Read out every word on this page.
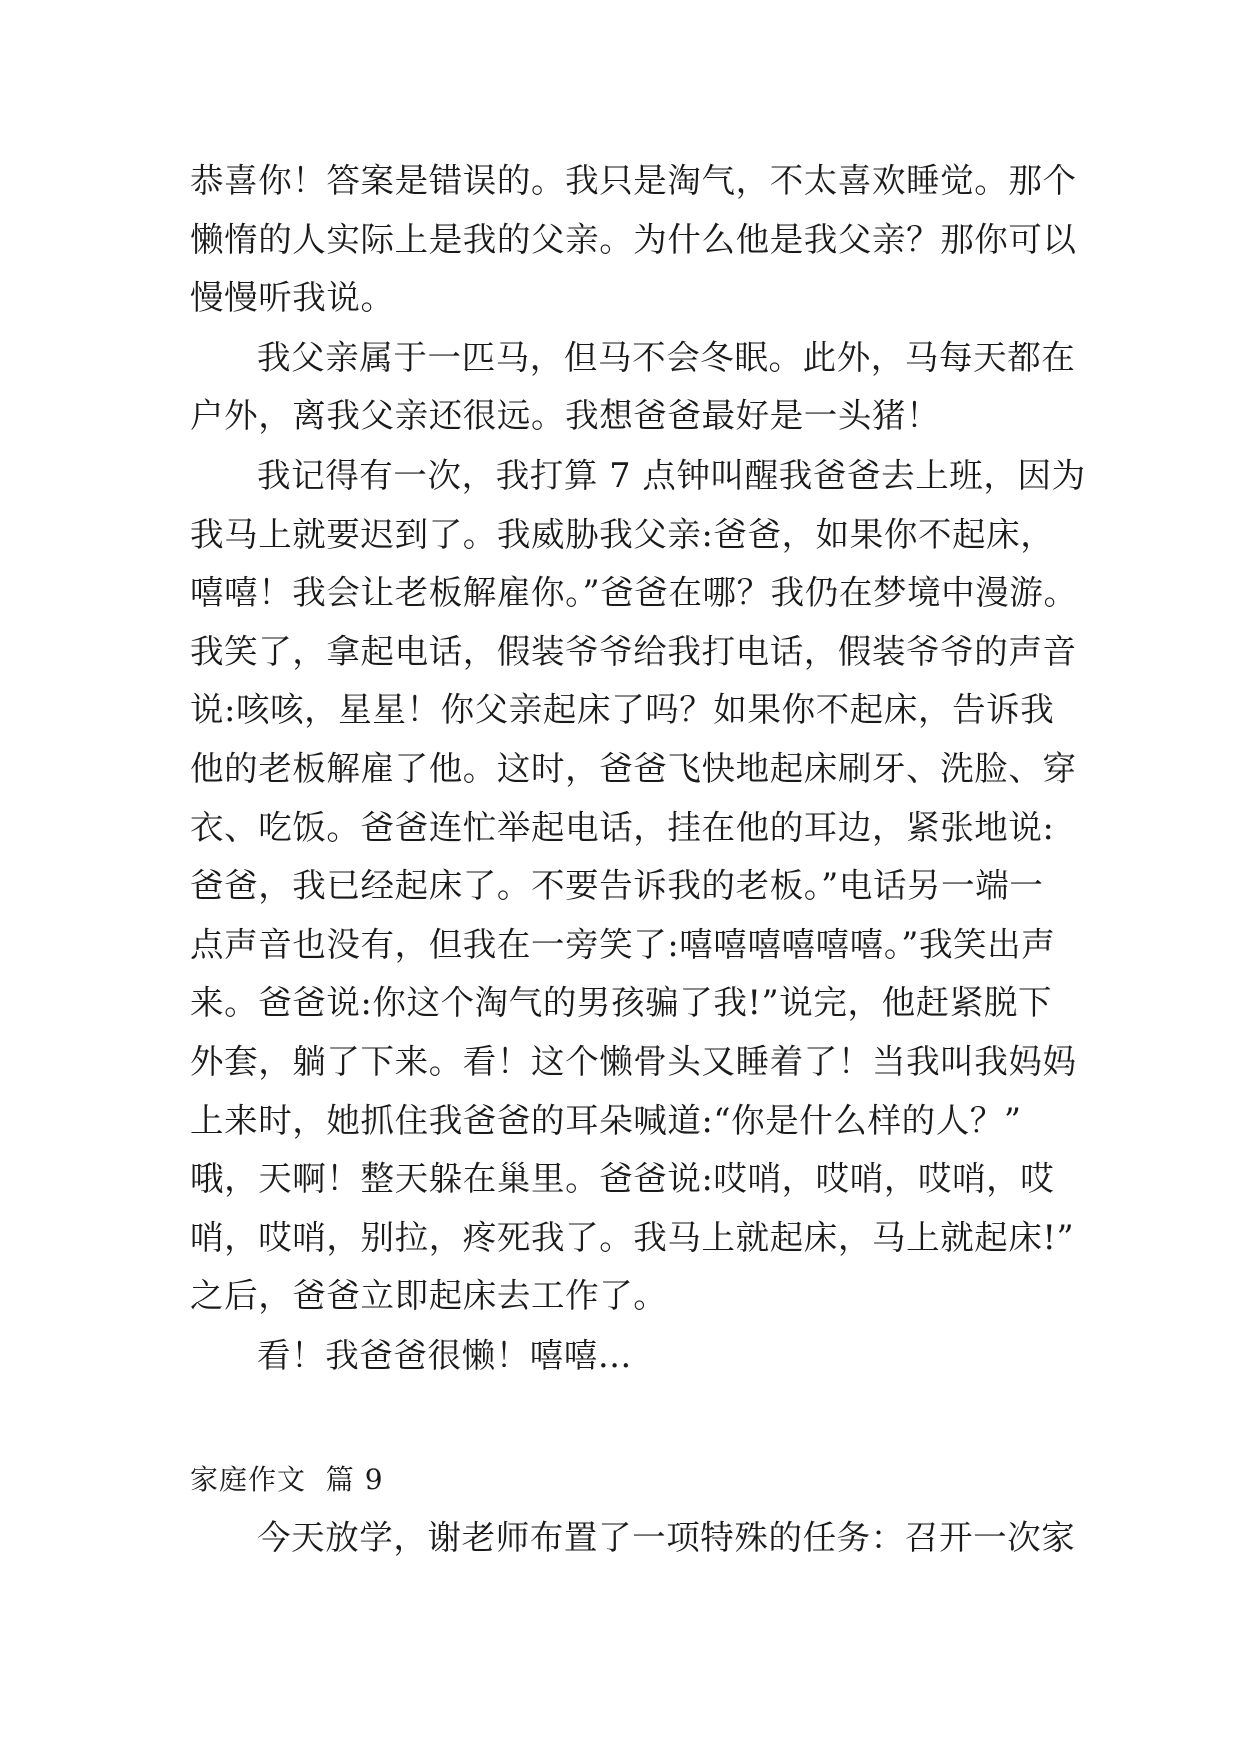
恭喜你！答案是错误的。我只是淘气，不太喜欢睡觉。那个
懒惰的人实际上是我的父亲。为什么他是我父亲？那你可以
慢慢听我说。

我父亲属于一匹马，但马不会冬眠。此外，马每天都在
户外，离我父亲还很远。我想爸爸最好是一头猪！

我记得有一次，我打算 7 点钟叫醒我爸爸去上班，因为
我马上就要迟到了。我威胁我父亲:爸爸，如果你不起床，
嘻嘻！我会让老板解雇你。”爸爸在哪？我仍在梦境中漫游。
我笑了，拿起电话，假装爷爷给我打电话，假装爷爷的声音
说:咳咳，星星！你父亲起床了吗？如果你不起床，告诉我
他的老板解雇了他。这时，爸爸飞快地起床刷牙、洗脸、穿
衣、吃饭。爸爸连忙举起电话，挂在他的耳边，紧张地说:
爸爸，我已经起床了。不要告诉我的老板。”电话另一端一
点声音也没有，但我在一旁笑了:嘻嘻嘻嘻嘻嘻。”我笑出声
来。爸爸说:你这个淘气的男孩骗了我!”说完，他赶紧脱下
外套，躺了下来。看！这个懒骨头又睡着了！当我叫我妈妈
上来时，她抓住我爸爸的耳朵喊道:“你是什么样的人？”
哦，天啊！整天躲在巢里。爸爸说:哎哨，哎哨，哎哨，哎
哨，哎哨，别拉，疼死我了。我马上就起床，马上就起床!”
之后，爸爸立即起床去工作了。

看！我爸爸很懒！嘻嘻...

家庭作文  篇 9

今天放学，谢老师布置了一项特殊的任务：召开一次家
